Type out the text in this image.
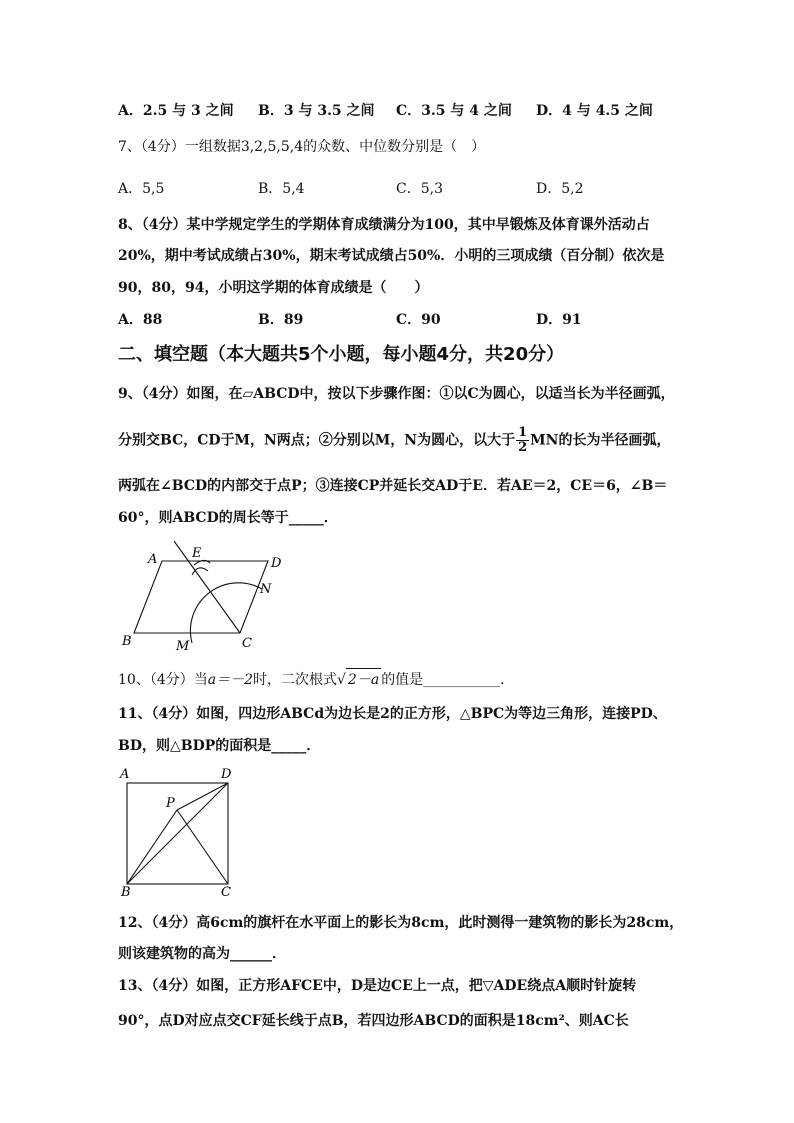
A．2.5 与 3 之间 B．3 与 3.5 之间 C．3.5 与 4 之间 D．4 与 4.5 之间
7、（4分）一组数据3,2,5,5,4的众数、中位数分别是（　）
A．5,5	B．5,4	C．5,3	D．5,2
8、（4分）某中学规定学生的学期体育成绩满分为100，其中早锻炼及体育课外活动占
20%，期中考试成绩占30%，期末考试成绩占50%．小明的三项成绩（百分制）依次是
90，80，94，小明这学期的体育成绩是（　　）
A．88	B．89	C．90	D．91
二、填空题（本大题共5个小题，每小题4分，共20分）
9、（4分）如图，在▱ABCD中，按以下步骤作图：①以C为圆心，以适当长为半径画弧，
分别交BC，CD于M，N两点；②分别以M，N为圆心，以大于 $\frac{1}{2}$ MN的长为半径画弧，
两弧在∠BCD的内部交于点P；③连接CP并延长交AD于E．若AE＝2，CE＝6，∠B＝
60°，则ABCD的周长等于_____．
A	E
D
N
B	M	C
10、（4分）当a＝－2时，二次根式√ 2－a 的值是___________．
11、（4分）如图，四边形ABCd为边长是2的正方形，△BPC为等边三角形，连接PD、
BD，则△BDP的面积是_____．
A	D
P
B	C
12、（4分）高6cm的旗杆在水平面上的影长为8cm，此时测得一建筑物的影长为28cm，
则该建筑物的高为______．
13、（4分）如图，正方形AFCE中，D是边CE上一点，把▽ADE绕点A顺时针旋转
90°，点D对应点交CF延长线于点B，若四边形ABCD的面积是18cm²、则AC长
